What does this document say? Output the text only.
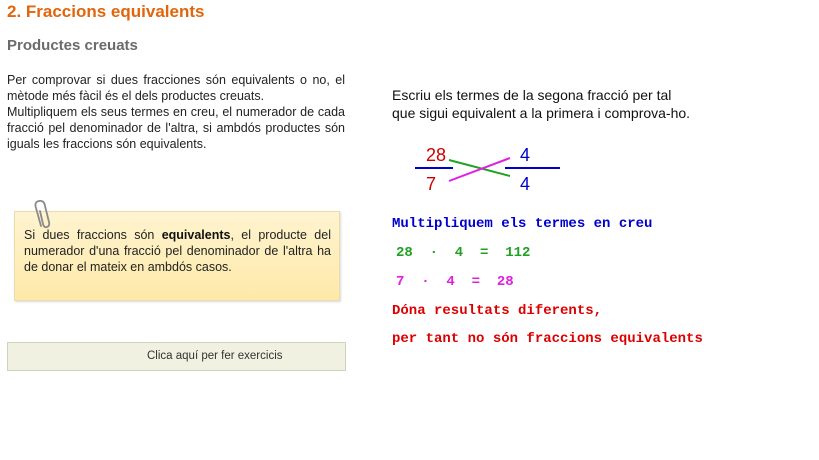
2. Fraccions equivalents
Productes creuats

Per comprovar si dues fracciones són equivalents o no, el mètode més fàcil és el dels productes creuats.

Multipliquem els seus termes en creu, el numerador de cada fracció pel denominador de l'altra, si ambdós productes són iguals les fraccions són equivalents.

Si dues fraccions són equivalents, el producte del numerador d'una fracció pel denominador de l'altra ha de donar el mateix en ambdós casos.
Clica aquí per fer exercicis
Escriu els termes de la segona fracció per tal
que sigui equivalent a la primera i comprova-ho.
28
7
4
4
Multipliquem els termes en creu
28  ·  4  =  112
7  ·  4  =  28
Dóna resultats diferents,
per tant no són fraccions equivalents
